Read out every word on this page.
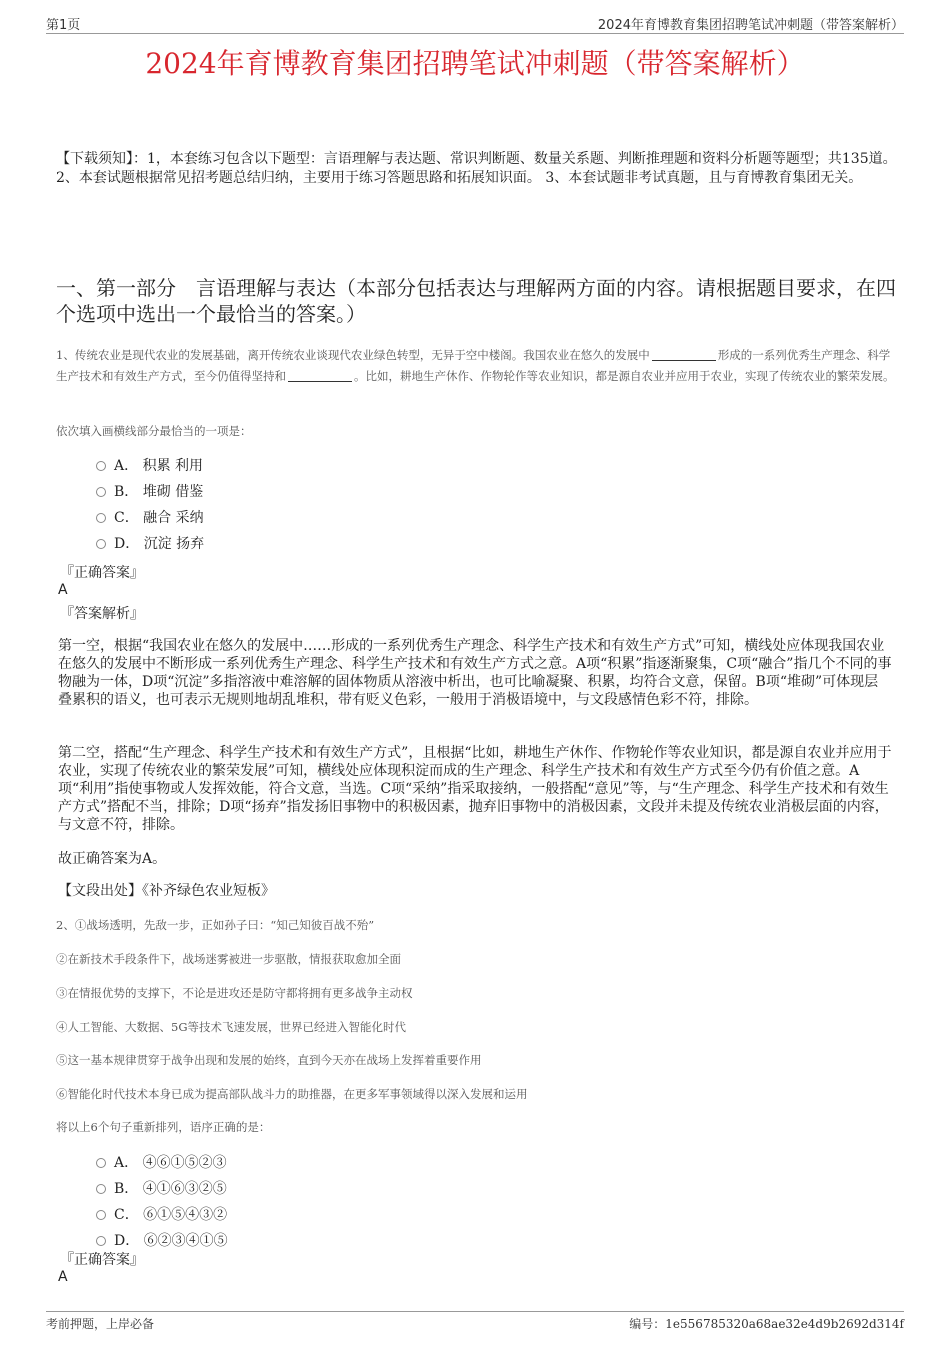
第1页	2024年育博教育集团招聘笔试冲刺题（带答案解析）
2024年育博教育集团招聘笔试冲刺题（带答案解析）
【下载须知】：1，本套练习包含以下题型：言语理解与表达题、常识判断题、数量关系题、判断推理题和资料分析题等题型；共135道。 2、本套试题根据常见招考题总结归纳，主要用于练习答题思路和拓展知识面。 3、本套试题非考试真题，且与育博教育集团无关。
一、第一部分　言语理解与表达（本部分包括表达与理解两方面的内容。请根据题目要求，在四个选项中选出一个最恰当的答案。）
1、传统农业是现代农业的发展基础，离开传统农业谈现代农业绿色转型，无异于空中楼阁。我国农业在悠久的发展中	形成的一系列优秀生产理念、科学生产技术和有效生产方式，至今仍值得坚持和	。比如，耕地生产休作、作物轮作等农业知识，都是源自农业并应用于农业，实现了传统农业的繁荣发展。
依次填入画横线部分最恰当的一项是：
A． 积累 利用
B． 堆砌 借鉴
C． 融合 采纳
D． 沉淀 扬弃
『正确答案』
A
『答案解析』
第一空，根据“我国农业在悠久的发展中……形成的一系列优秀生产理念、科学生产技术和有效生产方式”可知，横线处应体现我国农业在悠久的发展中不断形成一系列优秀生产理念、科学生产技术和有效生产方式之意。A项“积累”指逐渐聚集，C项“融合”指几个不同的事物融为一体，D项“沉淀”多指溶液中难溶解的固体物质从溶液中析出，也可比喻凝聚、积累，均符合文意，保留。B项“堆砌”可体现层叠累积的语义，也可表示无规则地胡乱堆积，带有贬义色彩，一般用于消极语境中，与文段感情色彩不符，排除。
第二空，搭配“生产理念、科学生产技术和有效生产方式”，且根据“比如，耕地生产休作、作物轮作等农业知识，都是源自农业并应用于农业，实现了传统农业的繁荣发展”可知，横线处应体现积淀而成的生产理念、科学生产技术和有效生产方式至今仍有价值之意。A项“利用”指使事物或人发挥效能，符合文意，当选。C项“采纳”指采取接纳，一般搭配“意见”等，与“生产理念、科学生产技术和有效生产方式”搭配不当，排除；D项“扬弃”指发扬旧事物中的积极因素，抛弃旧事物中的消极因素，文段并未提及传统农业消极层面的内容，与文意不符，排除。
故正确答案为A。
【文段出处】《补齐绿色农业短板》
2、①战场透明，先敌一步，正如孙子曰：“知己知彼百战不殆”
②在新技术手段条件下，战场迷雾被进一步驱散，情报获取愈加全面
③在情报优势的支撑下，不论是进攻还是防守都将拥有更多战争主动权
④人工智能、大数据、5G等技术飞速发展，世界已经进入智能化时代
⑤这一基本规律贯穿于战争出现和发展的始终，直到今天亦在战场上发挥着重要作用
⑥智能化时代技术本身已成为提高部队战斗力的助推器，在更多军事领域得以深入发展和运用
将以上6个句子重新排列，语序正确的是：
A． ④⑥①⑤②③
B． ④①⑥③②⑤
C． ⑥①⑤④③②
D． ⑥②③④①⑤
『正确答案』
A
考前押题，上岸必备	编号：1e556785320a68ae32e4d9b2692d314f
